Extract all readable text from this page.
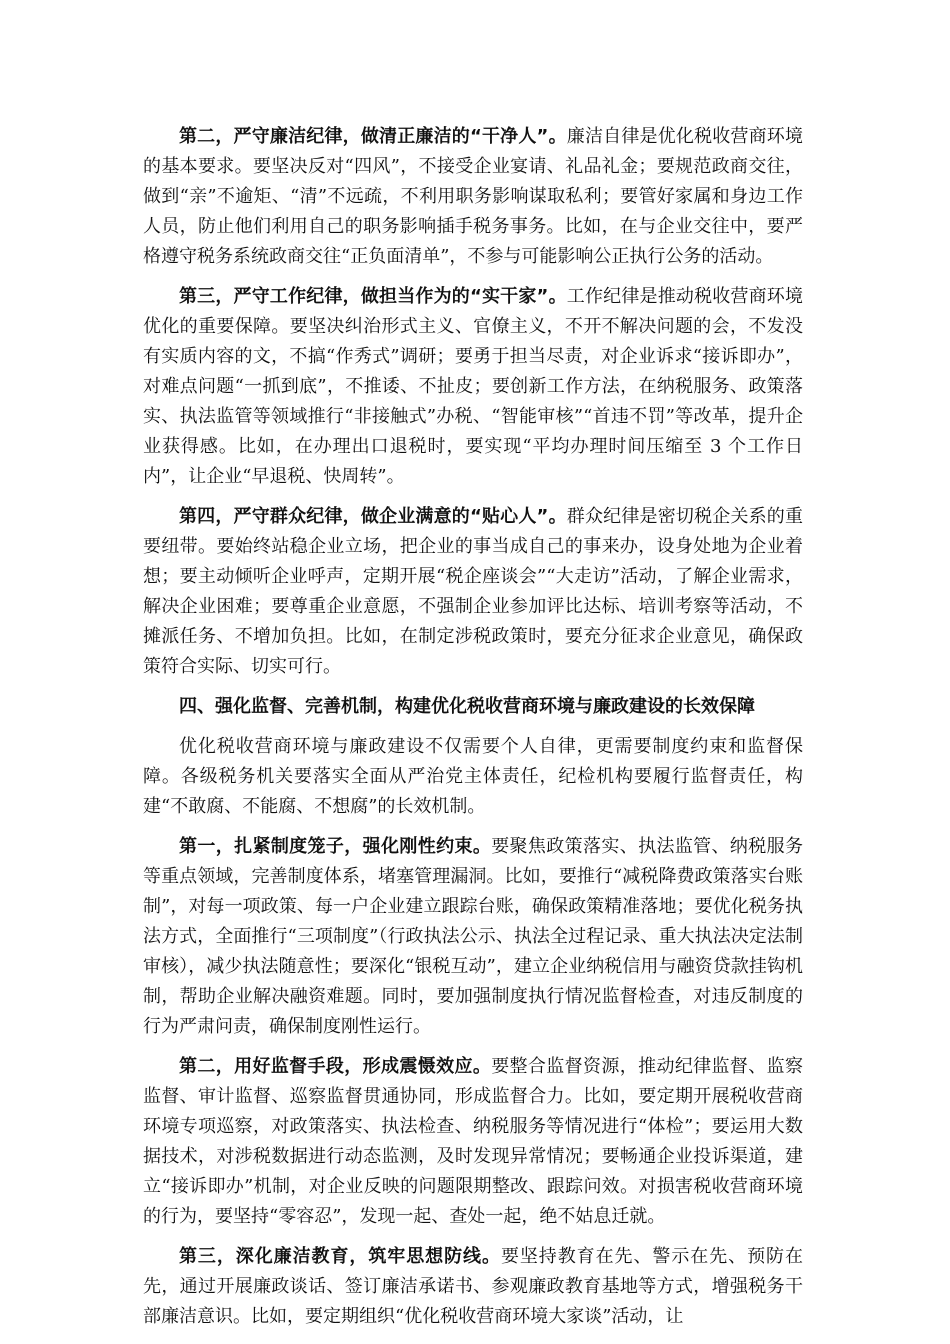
第二，严守廉洁纪律，做清正廉洁的“干净人”。廉洁自律是优化税收营商环境的基本要求。要坚决反对“四风”，不接受企业宴请、礼品礼金；要规范政商交往，做到“亲”不逾矩、“清”不远疏，不利用职务影响谋取私利；要管好家属和身边工作人员，防止他们利用自己的职务影响插手税务事务。比如，在与企业交往中，要严格遵守税务系统政商交往“正负面清单”，不参与可能影响公正执行公务的活动。

第三，严守工作纪律，做担当作为的“实干家”。工作纪律是推动税收营商环境优化的重要保障。要坚决纠治形式主义、官僚主义，不开不解决问题的会，不发没有实质内容的文，不搞“作秀式”调研；要勇于担当尽责，对企业诉求“接诉即办”，对难点问题“一抓到底”，不推诿、不扯皮；要创新工作方法，在纳税服务、政策落实、执法监管等领域推行“非接触式”办税、“智能审核”“首违不罚”等改革，提升企业获得感。比如，在办理出口退税时，要实现“平均办理时间压缩至 3 个工作日内”，让企业“早退税、快周转”。

第四，严守群众纪律，做企业满意的“贴心人”。群众纪律是密切税企关系的重要纽带。要始终站稳企业立场，把企业的事当成自己的事来办，设身处地为企业着想；要主动倾听企业呼声，定期开展“税企座谈会”“大走访”活动，了解企业需求，解决企业困难；要尊重企业意愿，不强制企业参加评比达标、培训考察等活动，不摊派任务、不增加负担。比如，在制定涉税政策时，要充分征求企业意见，确保政策符合实际、切实可行。

四、强化监督、完善机制，构建优化税收营商环境与廉政建设的长效保障

优化税收营商环境与廉政建设不仅需要个人自律，更需要制度约束和监督保障。各级税务机关要落实全面从严治党主体责任，纪检机构要履行监督责任，构建“不敢腐、不能腐、不想腐”的长效机制。

第一，扎紧制度笼子，强化刚性约束。要聚焦政策落实、执法监管、纳税服务等重点领域，完善制度体系，堵塞管理漏洞。比如，要推行“减税降费政策落实台账制”，对每一项政策、每一户企业建立跟踪台账，确保政策精准落地；要优化税务执法方式，全面推行“三项制度”（行政执法公示、执法全过程记录、重大执法决定法制审核），减少执法随意性；要深化“银税互动”，建立企业纳税信用与融资贷款挂钩机制，帮助企业解决融资难题。同时，要加强制度执行情况监督检查，对违反制度的行为严肃问责，确保制度刚性运行。

第二，用好监督手段，形成震慑效应。要整合监督资源，推动纪律监督、监察监督、审计监督、巡察监督贯通协同，形成监督合力。比如，要定期开展税收营商环境专项巡察，对政策落实、执法检查、纳税服务等情况进行“体检”；要运用大数据技术，对涉税数据进行动态监测，及时发现异常情况；要畅通企业投诉渠道，建立“接诉即办”机制，对企业反映的问题限期整改、跟踪问效。对损害税收营商环境的行为，要坚持“零容忍”，发现一起、查处一起，绝不姑息迁就。

第三，深化廉洁教育，筑牢思想防线。要坚持教育在先、警示在先、预防在先，通过开展廉政谈话、签订廉洁承诺书、参观廉政教育基地等方式，增强税务干部廉洁意识。比如，要定期组织“优化税收营商环境大家谈”活动，让
